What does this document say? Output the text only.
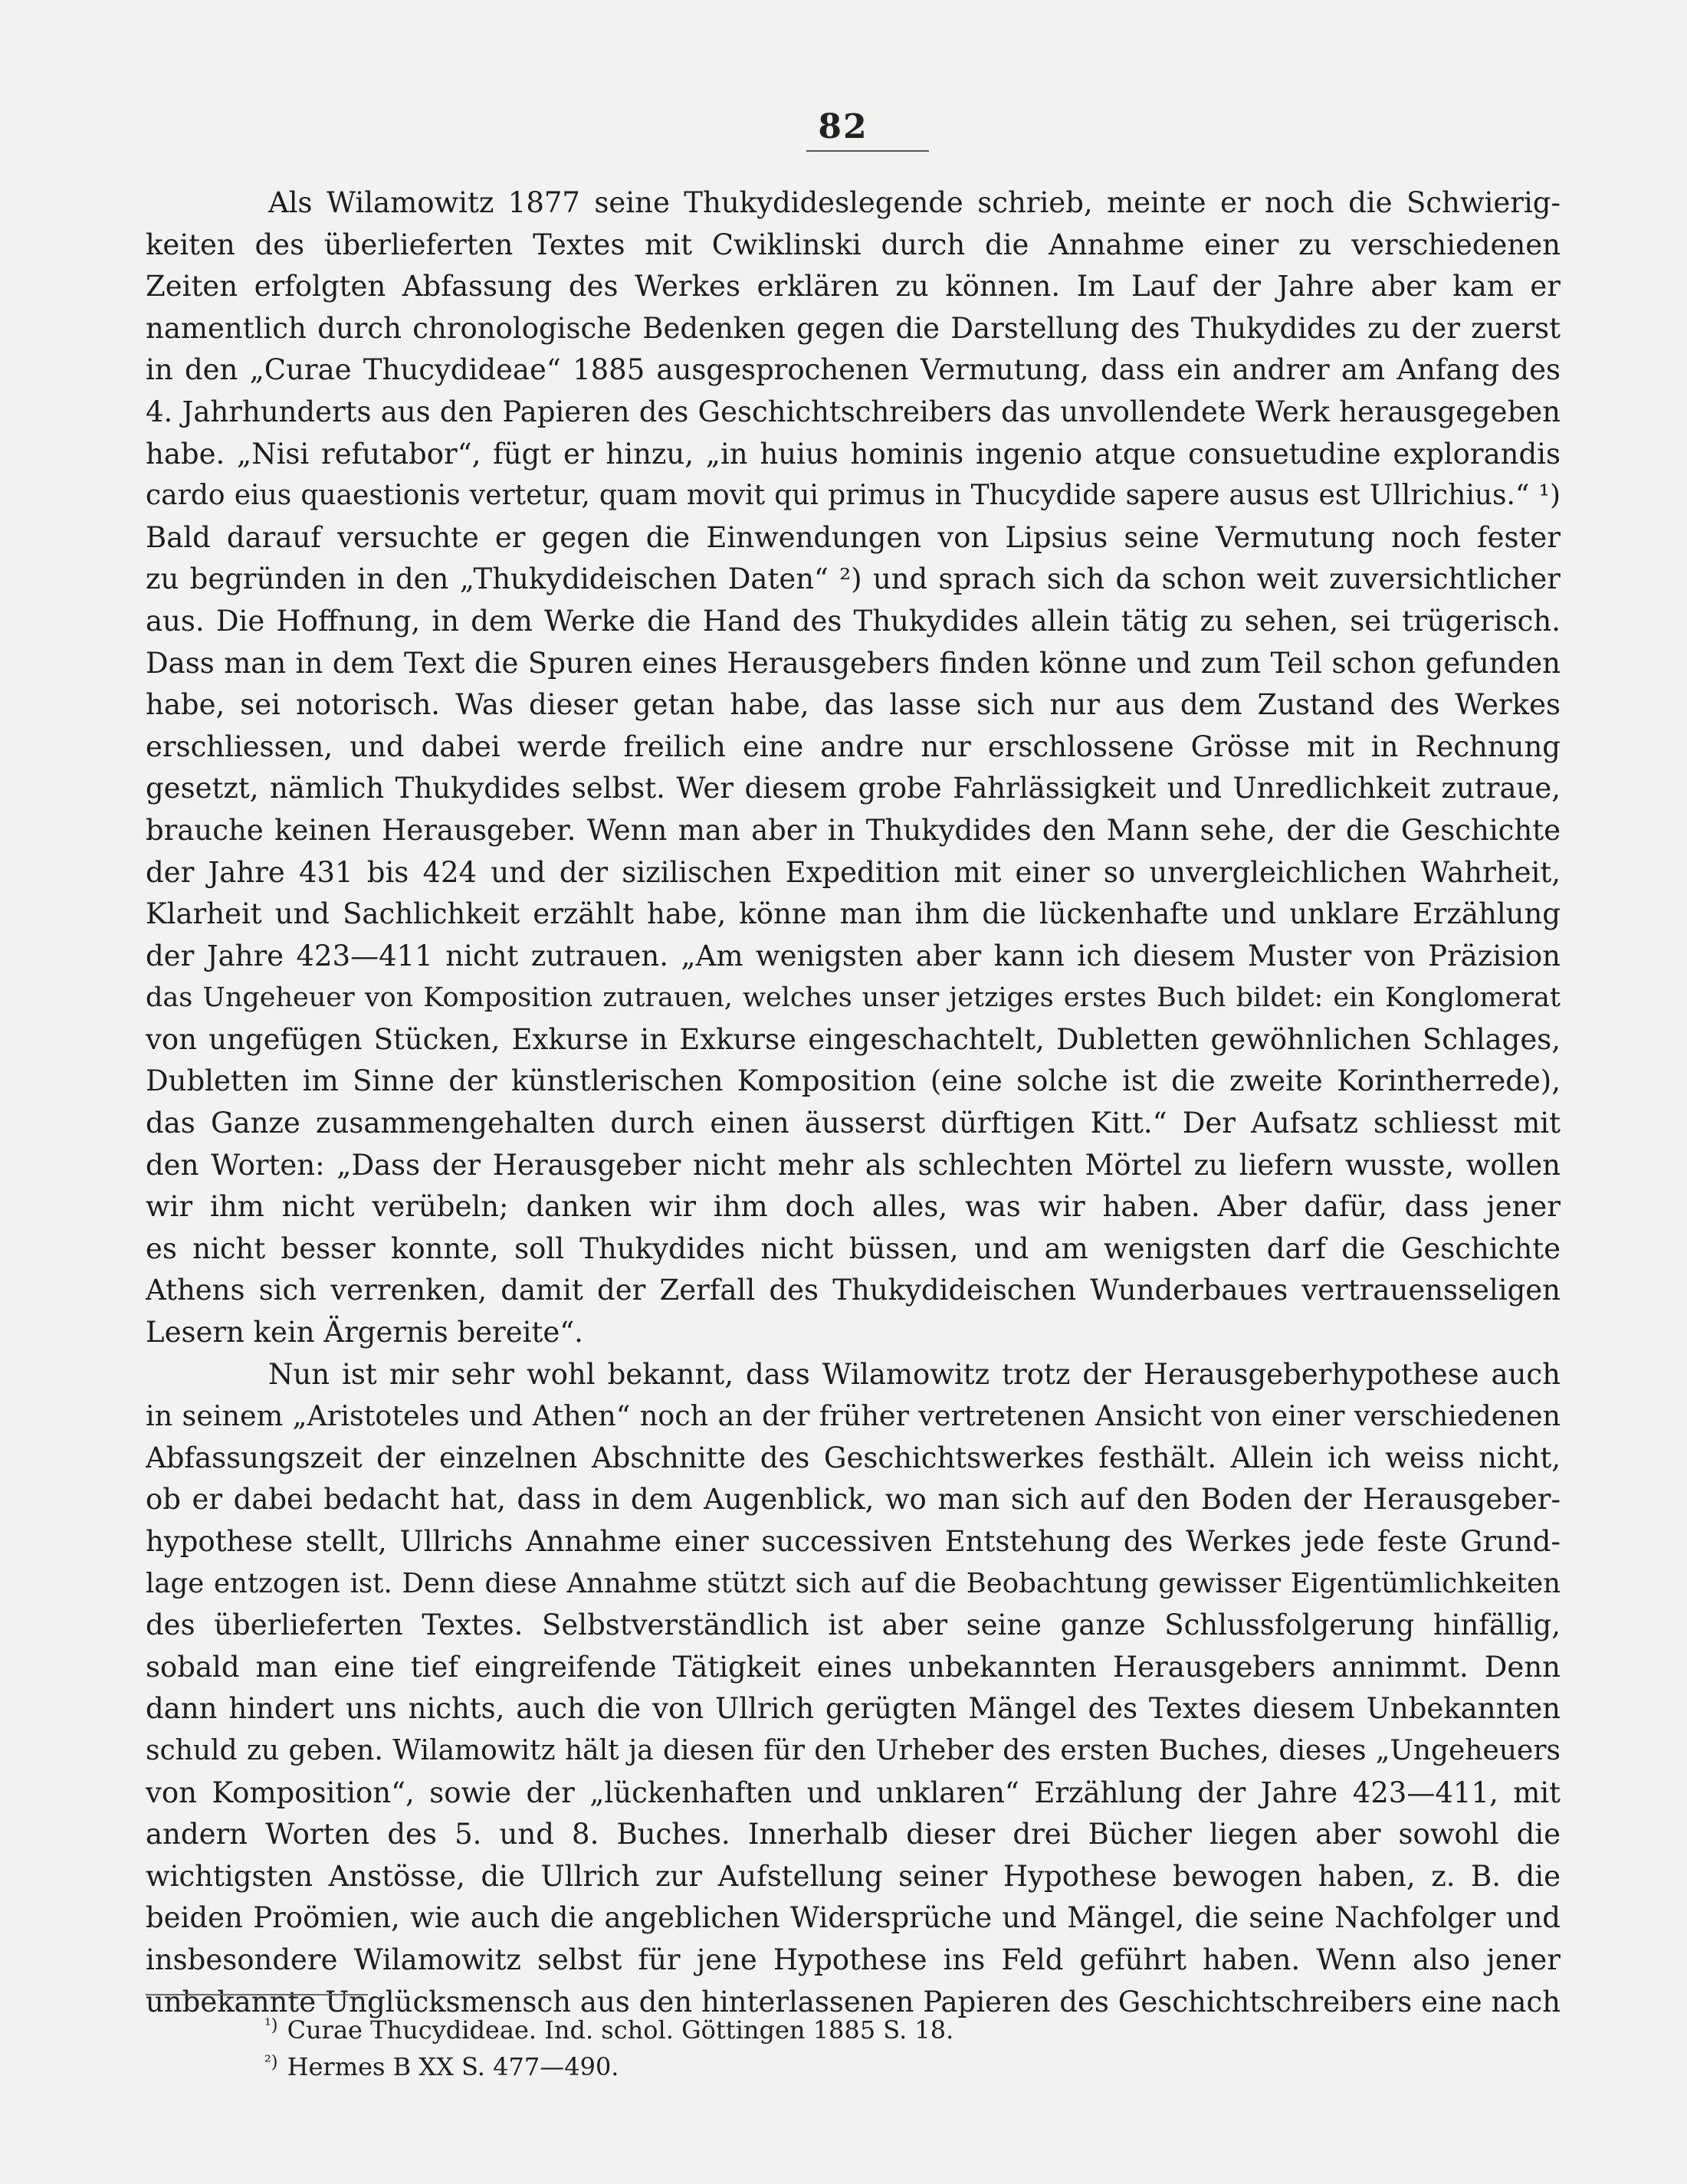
82
Als Wilamowitz 1877 seine Thukydideslegende schrieb, meinte er noch die Schwierig-
keiten des überlieferten Textes mit Cwiklinski durch die Annahme einer zu verschiedenen
Zeiten erfolgten Abfassung des Werkes erklären zu können. Im Lauf der Jahre aber kam er
namentlich durch chronologische Bedenken gegen die Darstellung des Thukydides zu der zuerst
in den „Curae Thucydideae“ 1885 ausgesprochenen Vermutung, dass ein andrer am Anfang des
4. Jahrhunderts aus den Papieren des Geschichtschreibers das unvollendete Werk herausgegeben
habe. „Nisi refutabor“, fügt er hinzu, „in huius hominis ingenio atque consuetudine explorandis
cardo eius quaestionis vertetur, quam movit qui primus in Thucydide sapere ausus est Ullrichius.“ ¹)
Bald darauf versuchte er gegen die Einwendungen von Lipsius seine Vermutung noch fester
zu begründen in den „Thukydideischen Daten“ ²) und sprach sich da schon weit zuversichtlicher
aus. Die Hoffnung, in dem Werke die Hand des Thukydides allein tätig zu sehen, sei trügerisch.
Dass man in dem Text die Spuren eines Herausgebers finden könne und zum Teil schon gefunden
habe, sei notorisch. Was dieser getan habe, das lasse sich nur aus dem Zustand des Werkes
erschliessen, und dabei werde freilich eine andre nur erschlossene Grösse mit in Rechnung
gesetzt, nämlich Thukydides selbst. Wer diesem grobe Fahrlässigkeit und Unredlichkeit zutraue,
brauche keinen Herausgeber. Wenn man aber in Thukydides den Mann sehe, der die Geschichte
der Jahre 431 bis 424 und der sizilischen Expedition mit einer so unvergleichlichen Wahrheit,
Klarheit und Sachlichkeit erzählt habe, könne man ihm die lückenhafte und unklare Erzählung
der Jahre 423—411 nicht zutrauen. „Am wenigsten aber kann ich diesem Muster von Präzision
das Ungeheuer von Komposition zutrauen, welches unser jetziges erstes Buch bildet: ein Konglomerat
von ungefügen Stücken, Exkurse in Exkurse eingeschachtelt, Dubletten gewöhnlichen Schlages,
Dubletten im Sinne der künstlerischen Komposition (eine solche ist die zweite Korintherrede),
das Ganze zusammengehalten durch einen äusserst dürftigen Kitt.“ Der Aufsatz schliesst mit
den Worten: „Dass der Herausgeber nicht mehr als schlechten Mörtel zu liefern wusste, wollen
wir ihm nicht verübeln; danken wir ihm doch alles, was wir haben. Aber dafür, dass jener
es nicht besser konnte, soll Thukydides nicht büssen, und am wenigsten darf die Geschichte
Athens sich verrenken, damit der Zerfall des Thukydideischen Wunderbaues vertrauensseligen
Lesern kein Ärgernis bereite“.
Nun ist mir sehr wohl bekannt, dass Wilamowitz trotz der Herausgeberhypothese auch
in seinem „Aristoteles und Athen“ noch an der früher vertretenen Ansicht von einer verschiedenen
Abfassungszeit der einzelnen Abschnitte des Geschichtswerkes festhält. Allein ich weiss nicht,
ob er dabei bedacht hat, dass in dem Augenblick, wo man sich auf den Boden der Herausgeber-
hypothese stellt, Ullrichs Annahme einer successiven Entstehung des Werkes jede feste Grund-
lage entzogen ist. Denn diese Annahme stützt sich auf die Beobachtung gewisser Eigentümlichkeiten
des überlieferten Textes. Selbstverständlich ist aber seine ganze Schlussfolgerung hinfällig,
sobald man eine tief eingreifende Tätigkeit eines unbekannten Herausgebers annimmt. Denn
dann hindert uns nichts, auch die von Ullrich gerügten Mängel des Textes diesem Unbekannten
schuld zu geben. Wilamowitz hält ja diesen für den Urheber des ersten Buches, dieses „Ungeheuers
von Komposition“, sowie der „lückenhaften und unklaren“ Erzählung der Jahre 423—411, mit
andern Worten des 5. und 8. Buches. Innerhalb dieser drei Bücher liegen aber sowohl die
wichtigsten Anstösse, die Ullrich zur Aufstellung seiner Hypothese bewogen haben, z. B. die
beiden Proömien, wie auch die angeblichen Widersprüche und Mängel, die seine Nachfolger und
insbesondere Wilamowitz selbst für jene Hypothese ins Feld geführt haben. Wenn also jener
unbekannte Unglücksmensch aus den hinterlassenen Papieren des Geschichtschreibers eine nach
$^{^1)}$ Curae Thucydideae. Ind. schol. Göttingen 1885 S. 18.
$^{^2)}$ Hermes B XX S. 477—490.
